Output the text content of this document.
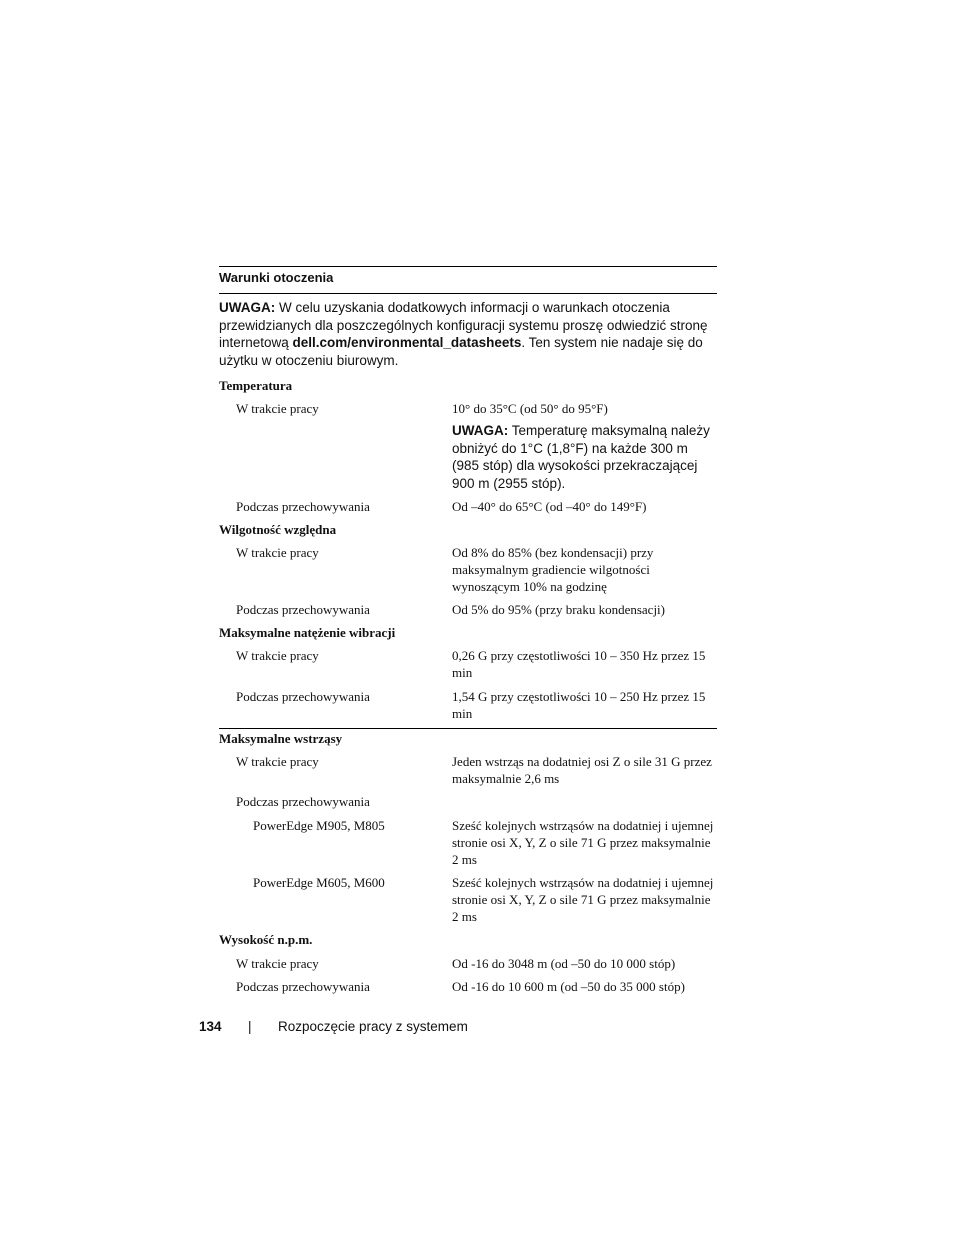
Warunki otoczenia
UWAGA: W celu uzyskania dodatkowych informacji o warunkach otoczenia przewidzianych dla poszczególnych konfiguracji systemu proszę odwiedzić stronę internetową dell.com/environmental_datasheets. Ten system nie nadaje się do użytku w otoczeniu biurowym.
Temperatura
W trakcie pracy	10° do 35°C (od 50° do 95°F)
UWAGA: Temperaturę maksymalną należy obniżyć do 1°C (1,8°F) na każde 300 m (985 stóp) dla wysokości przekraczającej 900 m (2955 stóp).
Podczas przechowywania	Od –40° do 65°C (od –40° do 149°F)
Wilgotność względna
W trakcie pracy	Od 8% do 85% (bez kondensacji) przy maksymalnym gradiencie wilgotności wynoszącym 10% na godzinę
Podczas przechowywania	Od 5% do 95% (przy braku kondensacji)
Maksymalne natężenie wibracji
W trakcie pracy	0,26 G przy częstotliwości 10 – 350 Hz przez 15 min
Podczas przechowywania	1,54 G przy częstotliwości 10 – 250 Hz przez 15 min
Maksymalne wstrząsy
W trakcie pracy	Jeden wstrząs na dodatniej osi Z o sile 31 G przez maksymalnie 2,6 ms
Podczas przechowywania
PowerEdge M905, M805	Sześć kolejnych wstrząsów na dodatniej i ujemnej stronie osi X, Y, Z o sile 71 G przez maksymalnie 2 ms
PowerEdge M605, M600	Sześć kolejnych wstrząsów na dodatniej i ujemnej stronie osi X, Y, Z o sile 71 G przez maksymalnie 2 ms
Wysokość n.p.m.
W trakcie pracy	Od -16 do 3048 m (od –50 do 10 000 stóp)
Podczas przechowywania	Od -16 do 10 600 m (od –50 do 35 000 stóp)
134	|	Rozpoczęcie pracy z systemem
